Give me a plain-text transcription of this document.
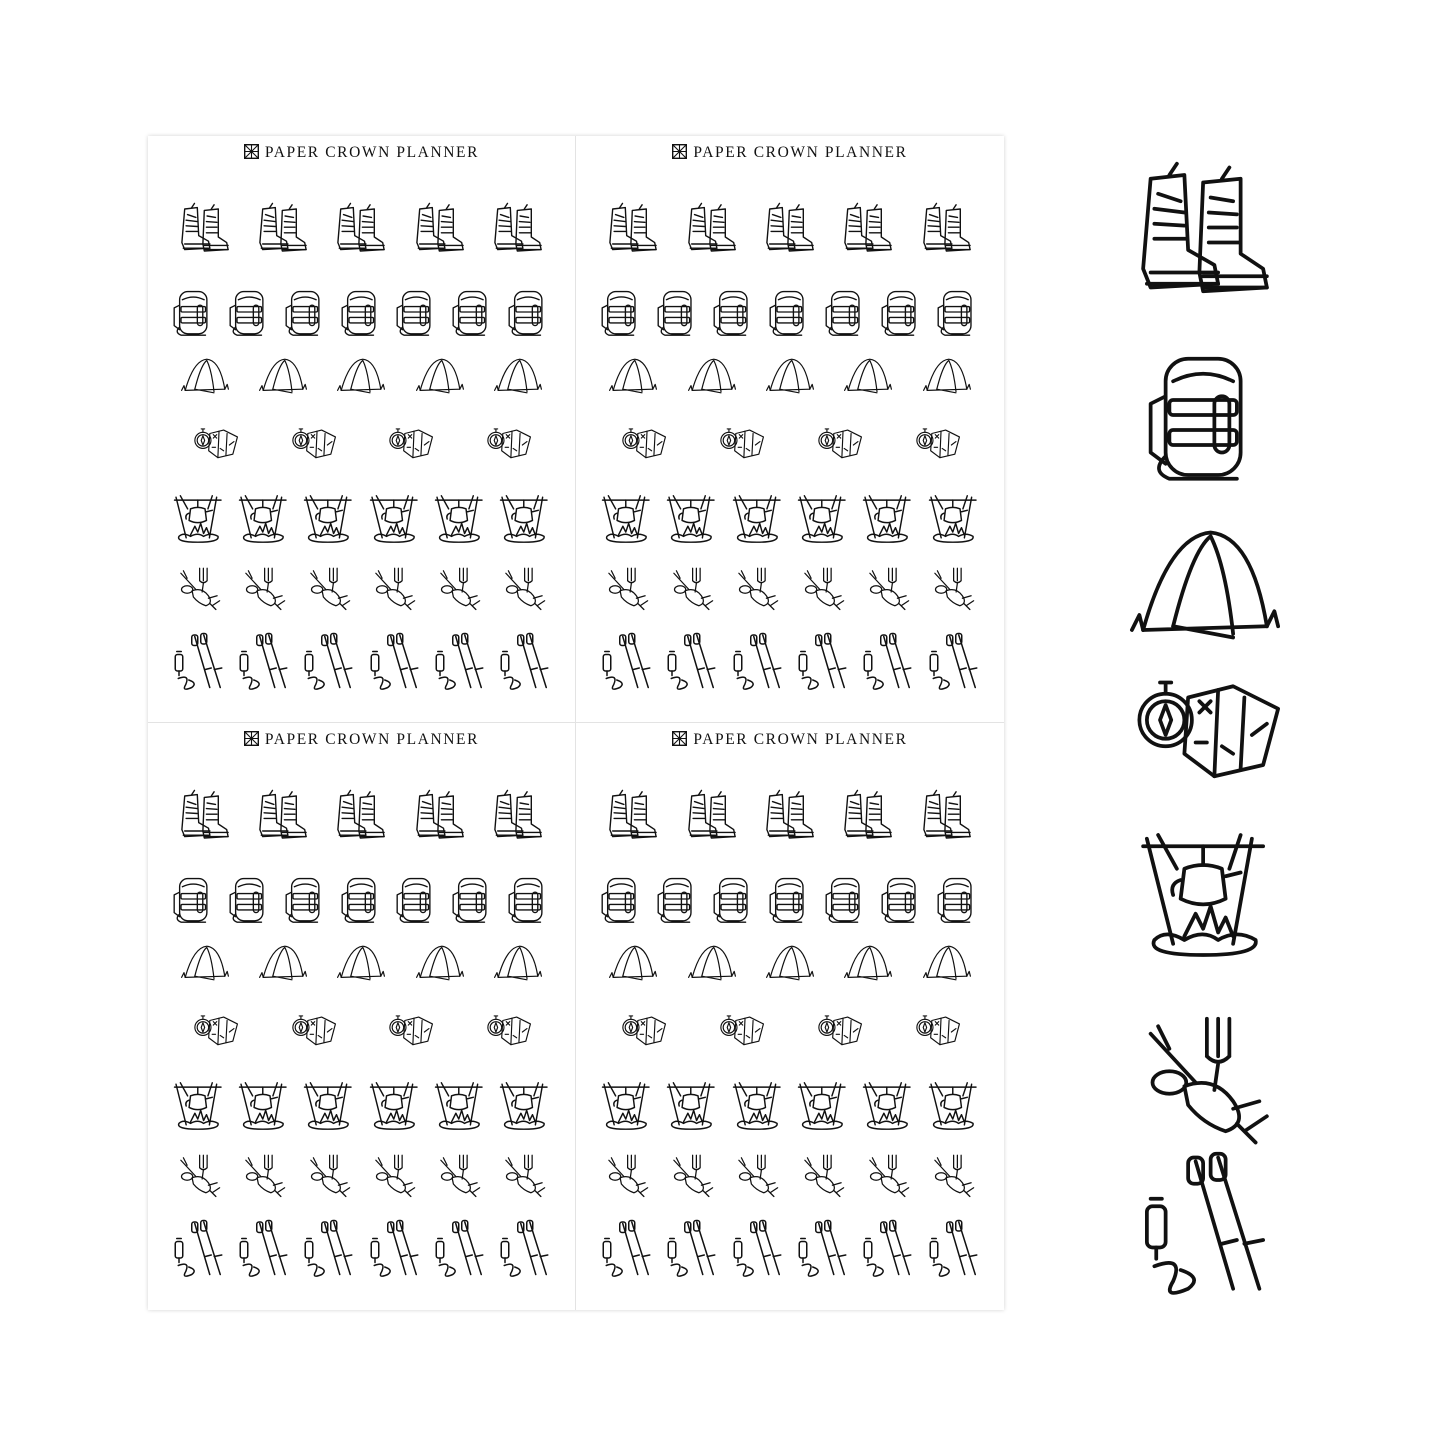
PAPER CROWN PLANNER	PAPER CROWN PLANNER
PAPER CROWN PLANNER	PAPER CROWN PLANNER
